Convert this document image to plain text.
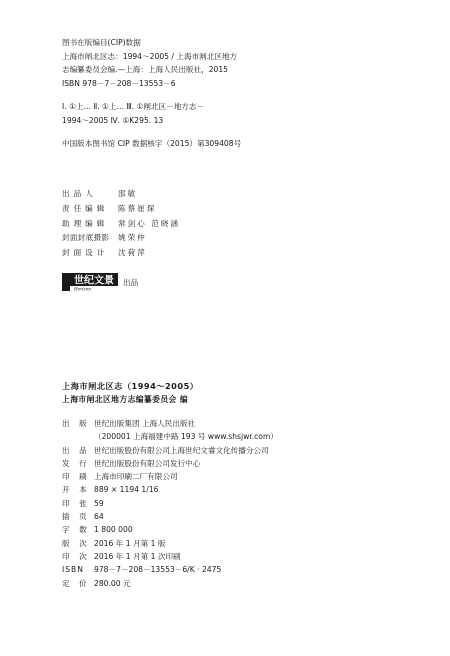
图书在版编目(CIP)数据
上海市闸北区志：1994～2005 / 上海市闸北区地方
志编纂委员会编.—上海：上海人民出版社，2015
ISBN 978－7－208－13553－6
Ⅰ. ①上… Ⅱ. ①上… Ⅲ. ①闸北区－地方志－
1994～2005 Ⅳ. ①K295. 13
中国版本图书馆 CIP 数据核字（2015）第309408号
出品人	邵敏
责任编辑	陈蔡崔琛
助理编辑	常剑心 范晓涵
封面封底摄影	姚荣仲
封面设计	沈荷萍
世纪文景
Horizon
出品
上海市闸北区志（1994～2005）
上海市闸北区地方志编纂委员会 编
出　版 世纪出版集团 上海人民出版社
（200001 上海福建中路 193 号 www.shsjwr.com）
出　品 世纪出版股份有限公司上海世纪文睿文化传播分公司
发　行 世纪出版股份有限公司发行中心
印　刷 上海市印刷二厂有限公司
开　本 889 × 1194 1/16
印　张 59
插　页 64
字　数 1 800 000
版　次 2016 年 1 月第 1 版
印　次 2016 年 1 月第 1 次印刷
ISBN	978－7－208－13553－6/K · 2475
定　价 280.00 元
